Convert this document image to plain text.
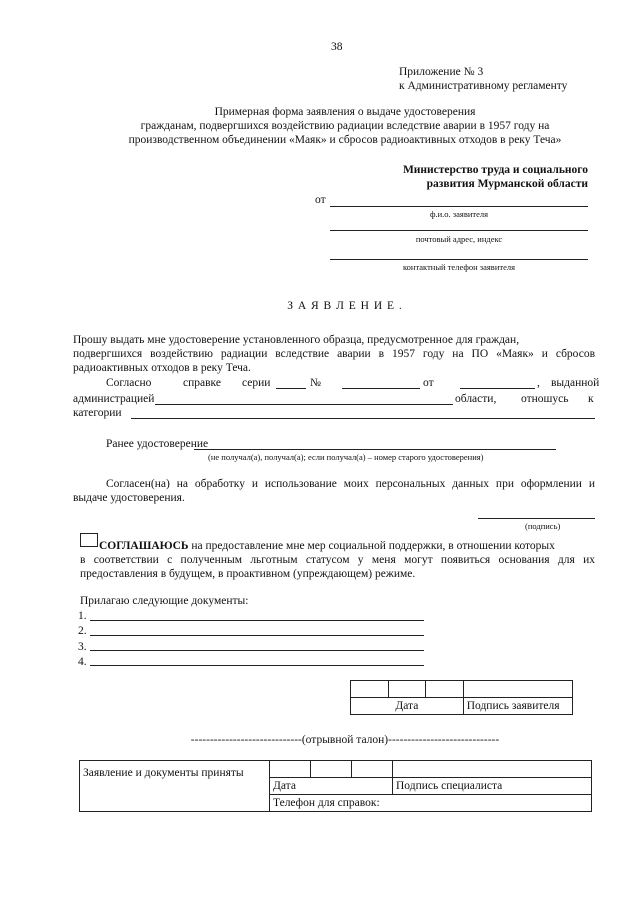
38
Приложение № 3
к Административному регламенту
Примерная форма заявления о выдаче удостоверения
гражданам, подвергшихся воздействию радиации вследствие аварии в 1957 году на
производственном объединении «Маяк» и сбросов радиоактивных отходов в реку Теча»
Министерство труда и социального
развития Мурманской области
от
ф.и.о. заявителя
почтовый адрес, индекс
контактный телефон заявителя
З А Я В Л Е Н И Е .
Прошу выдать мне удостоверение установленного образца, предусмотренное для граждан,
подвергшихся воздействию радиации вследствие аварии в 1957 году на ПО «Маяк» и сбросов
радиоактивных отходов в реку Теча.
Согласно	справке серии	№	от	, выданной
администрацией	области, отношусь к
категории
Ранее удостоверение
(не получал(а), получал(а); если получал(а) – номер старого удостоверения)
Согласен(на) на обработку и использование моих персональных данных при оформлении и
выдаче удостоверения.
(подпись)
СОГЛАШАЮСЬ на предоставление мне мер социальной поддержки, в отношении которых
в соответствии с полученным льготным статусом у меня могут появиться основания для их
предоставления в будущем, в проактивном (упреждающем) режиме.
Прилагаю следующие документы:
1.
2.
3.
4.

Дата			Подпись заявителя
-----------------------------(отрывной талон)-----------------------------
Заявление и документы приняты				
	Дата			Подпись специалиста
	Телефон для справок:			
